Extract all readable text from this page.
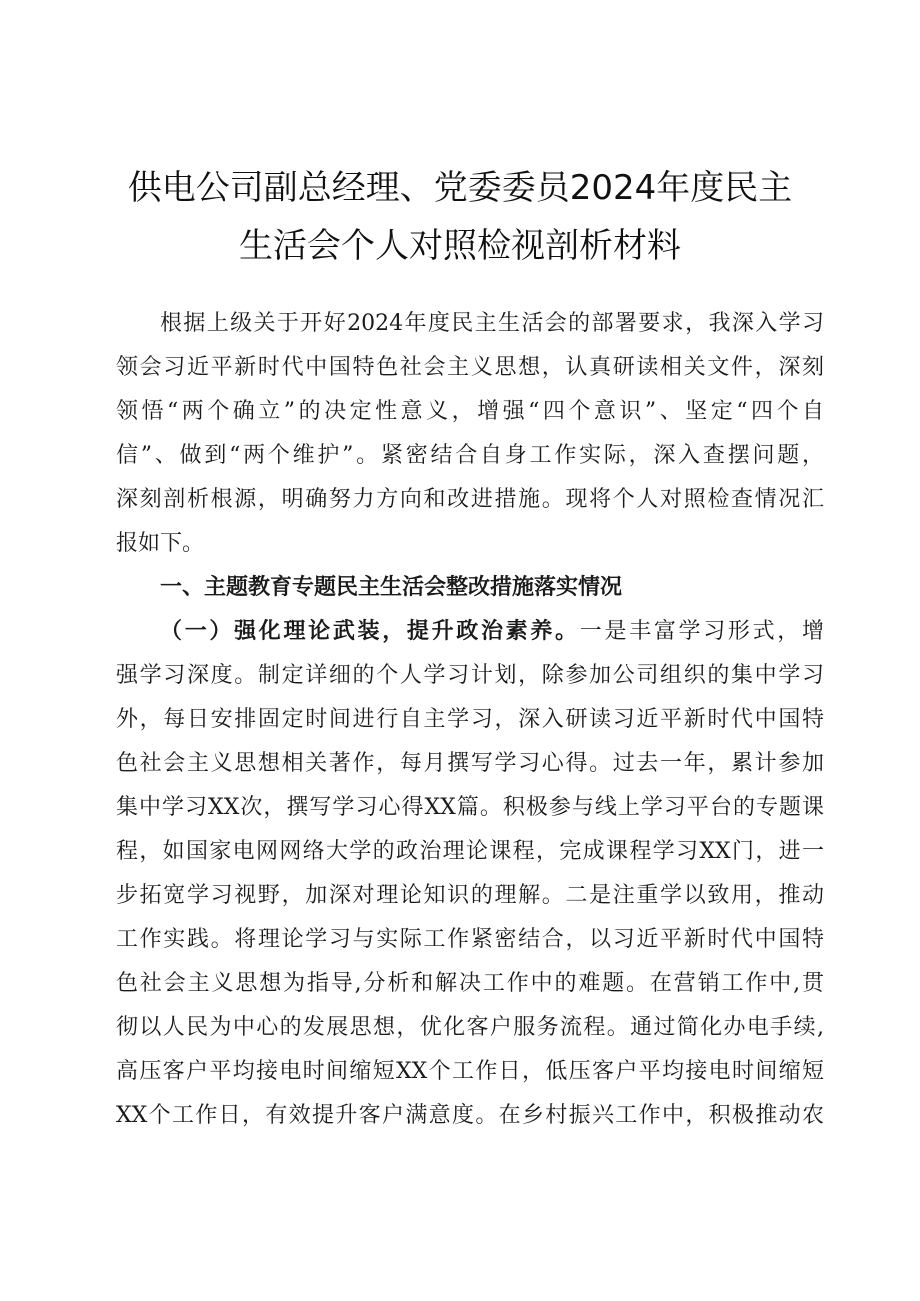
供电公司副总经理、党委委员2024年度民主
生活会个人对照检视剖析材料
根据上级关于开好2024年度民主生活会的部署要求，我深入学习
领会习近平新时代中国特色社会主义思想，认真研读相关文件，深刻
领悟“两个确立”的决定性意义，增强“四个意识”、坚定“四个自
信”、做到“两个维护”。紧密结合自身工作实际，深入查摆问题，
深刻剖析根源，明确努力方向和改进措施。现将个人对照检查情况汇
报如下。
一、主题教育专题民主生活会整改措施落实情况
（一）强化理论武装，提升政治素养。一是丰富学习形式，增
强学习深度。制定详细的个人学习计划，除参加公司组织的集中学习
外，每日安排固定时间进行自主学习，深入研读习近平新时代中国特
色社会主义思想相关著作，每月撰写学习心得。过去一年，累计参加
集中学习XX次，撰写学习心得XX篇。积极参与线上学习平台的专题课
程，如国家电网网络大学的政治理论课程，完成课程学习XX门，进一
步拓宽学习视野，加深对理论知识的理解。二是注重学以致用，推动
工作实践。将理论学习与实际工作紧密结合，以习近平新时代中国特
色社会主义思想为指导,分析和解决工作中的难题。在营销工作中,贯
彻以人民为中心的发展思想，优化客户服务流程。通过简化办电手续,
高压客户平均接电时间缩短XX个工作日，低压客户平均接电时间缩短
XX个工作日，有效提升客户满意度。在乡村振兴工作中，积极推动农
